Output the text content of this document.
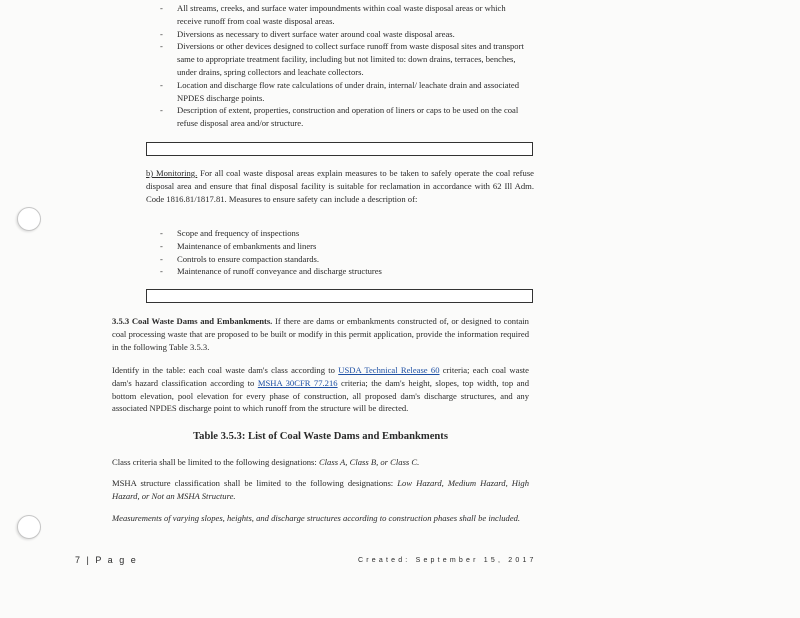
- All streams, creeks, and surface water impoundments within coal waste disposal areas or which receive runoff from coal waste disposal areas.
- Diversions as necessary to divert surface water around coal waste disposal areas.
- Diversions or other devices designed to collect surface runoff from waste disposal sites and transport same to appropriate treatment facility, including but not limited to: down drains, terraces, benches, under drains, spring collectors and leachate collectors.
- Location and discharge flow rate calculations of under drain, internal/ leachate drain and associated NPDES discharge points.
- Description of extent, properties, construction and operation of liners or caps to be used on the coal refuse disposal area and/or structure.

b) Monitoring. For all coal waste disposal areas explain measures to be taken to safely operate the coal refuse disposal area and ensure that final disposal facility is suitable for reclamation in accordance with 62 Ill Adm. Code 1816.81/1817.81. Measures to ensure safety can include a description of:

- Scope and frequency of inspections
- Maintenance of embankments and liners
- Controls to ensure compaction standards.
- Maintenance of runoff conveyance and discharge structures

3.5.3 Coal Waste Dams and Embankments. If there are dams or embankments constructed of, or designed to contain coal processing waste that are proposed to be built or modify in this permit application, provide the information required in the following Table 3.5.3.

Identify in the table: each coal waste dam's class according to USDA Technical Release 60 criteria; each coal waste dam's hazard classification according to MSHA 30CFR 77.216 criteria; the dam's height, slopes, top width, top and bottom elevation, pool elevation for every phase of construction, all proposed dam's discharge structures, and any associated NPDES discharge point to which runoff from the structure will be directed.

Table 3.5.3: List of Coal Waste Dams and Embankments

Class criteria shall be limited to the following designations: Class A, Class B, or Class C.

MSHA structure classification shall be limited to the following designations: Low Hazard, Medium Hazard, High Hazard, or Not an MSHA Structure.

Measurements of varying slopes, heights, and discharge structures according to construction phases shall be included.

7 | P a g e	Created: September 15, 2017
